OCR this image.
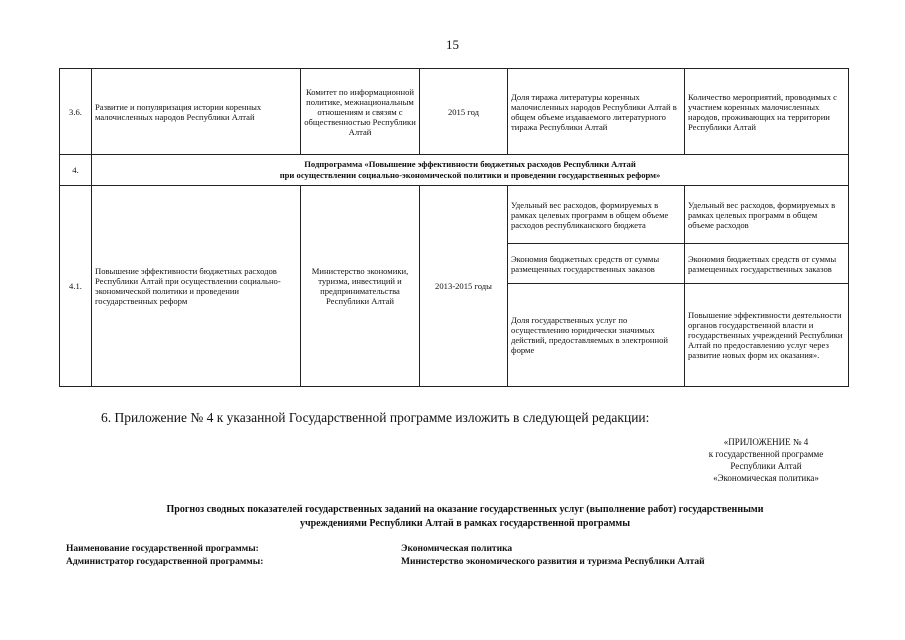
15
3.6.	Развитие и популяризация истории коренных малочисленных народов Республики Алтай	Комитет по информационной политике, межнациональным отношениям и связям с общественностью Республики Алтай	2015 год	Доля тиража литературы коренных малочисленных народов Республики Алтай в общем объеме издаваемого литературного тиража Республики Алтай	Количество мероприятий, проводимых с участием коренных малочисленных народов, проживающих на территории Республики Алтай
4.	Подпрограмма «Повышение эффективности бюджетных расходов Республики Алтай
при осуществлении социально-экономической политики и проведении государственных реформ»				

4.1.	Повышение эффективности бюджетных расходов Республики Алтай при осуществлении социально-экономической политики и проведении государственных реформ	Министерство экономики, туризма, инвестиций и предпринимательства Республики Алтай	2013-2015 годы	Удельный вес расходов, формируемых в рамках целевых программ в общем объеме расходов республиканского бюджета	Удельный вес расходов, формируемых в рамках целевых программ в общем объеме расходов
				Экономия бюджетных средств от суммы размещенных государственных заказов	Экономия бюджетных средств от суммы размещенных государственных заказов
				Доля государственных услуг по осуществлению юридически значимых действий, предоставляемых в электронной форме	Повышение эффективности деятельности органов государственной власти и государственных учреждений Республики Алтай по предоставлению услуг через развитие новых форм их оказания».
6. Приложение № 4 к указанной Государственной программе изложить в следующей редакции:
«ПРИЛОЖЕНИЕ № 4
к государственной программе
Республики Алтай
«Экономическая политика»
Прогноз сводных показателей государственных заданий на оказание государственных услуг (выполнение работ) государственными
учреждениями Республики Алтай в рамках государственной программы
Наименование государственной программы:	Экономическая политика
Администратор государственной программы:	Министерство экономического развития и туризма Республики Алтай
